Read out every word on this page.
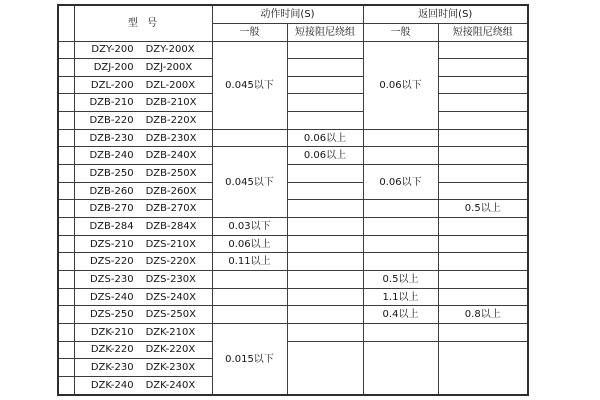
	型  号	动作时间(S)		返回时间(S)	
		一般	短接阻尼绕组	一般	短接阻尼绕组
	DZY-200 DZY-200X	0.045以下		0.06以下	
	DZJ-200 DZJ-200X				
	DZL-200 DZL-200X				
	DZB-210 DZB-210X				
	DZB-220 DZB-220X				
	DZB-230 DZB-230X		0.06以上		
	DZB-240 DZB-240X	0.045以下	0.06以上		
	DZB-250 DZB-250X			0.06以下	
	DZB-260 DZB-260X				
	DZB-270 DZB-270X				0.5以上
	DZB-284 DZB-284X	0.03以下			
	DZS-210 DZS-210X	0.06以上			
	DZS-220 DZS-220X	0.11以上			
	DZS-230 DZS-230X			0.5以上	
	DZS-240 DZS-240X			1.1以上	
	DZS-250 DZS-250X			0.4以上	0.8以上
	DZK-210 DZK-210X	0.015以下			
	DZK-220 DZK-220X				
	DZK-230 DZK-230X				
	DZK-240 DZK-240X				
